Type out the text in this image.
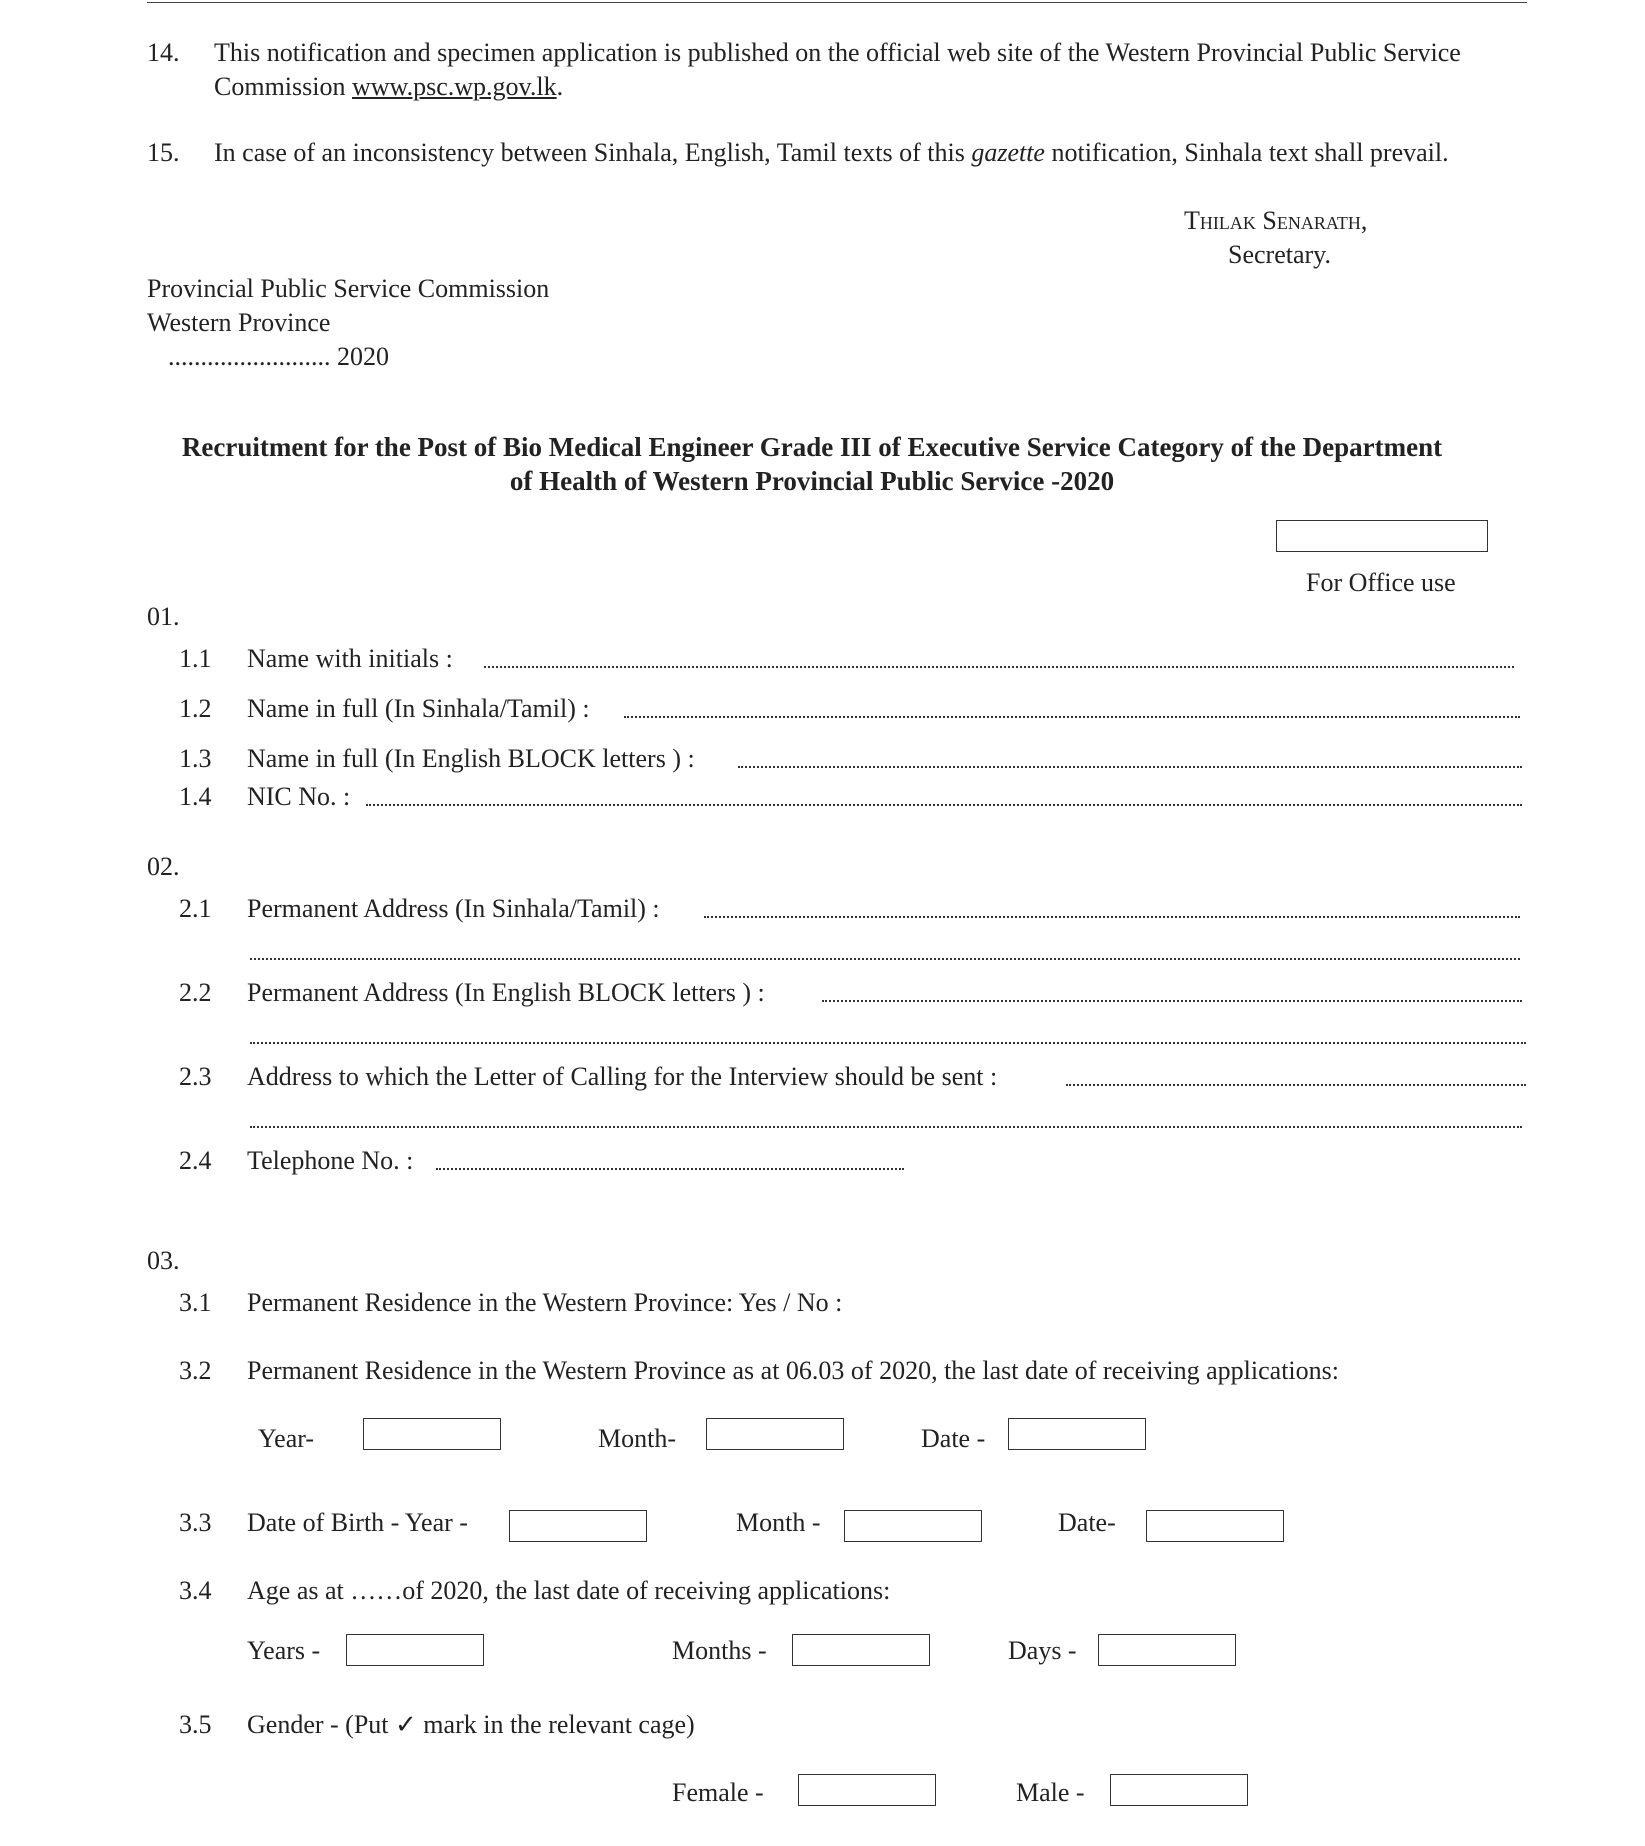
14. This notification and specimen application is published on the official web site of the Western Provincial Public Service
Commission www.psc.wp.gov.lk.
15. In case of an inconsistency between Sinhala, English, Tamil texts of this gazette notification, Sinhala text shall prevail.
Thilak Senarath,
Secretary.
Provincial Public Service Commission
Western Province
......................... 2020
Recruitment for the Post of Bio Medical Engineer Grade III of Executive Service Category of the Department
of Health of Western Provincial Public Service -2020
For Office use
01.
1.1 Name with initials :
1.2 Name in full (In Sinhala/Tamil) :
1.3 Name in full (In English BLOCK letters ) :
1.4 NIC No. :
02.
2.1 Permanent Address (In Sinhala/Tamil) :
2.2 Permanent Address (In English BLOCK letters ) :
2.3 Address to which the Letter of Calling for the Interview should be sent :
2.4 Telephone No. :
03.
3.1 Permanent Residence in the Western Province: Yes / No :
3.2 Permanent Residence in the Western Province as at 06.03 of 2020, the last date of receiving applications:
Year-	Month-	Date -
3.3 Date of Birth - Year -	Month -	Date-
3.4 Age as at ……of 2020, the last date of receiving applications:
Years -	Months -	Days -
3.5 Gender - (Put ✓ mark in the relevant cage)
Female -	Male -
